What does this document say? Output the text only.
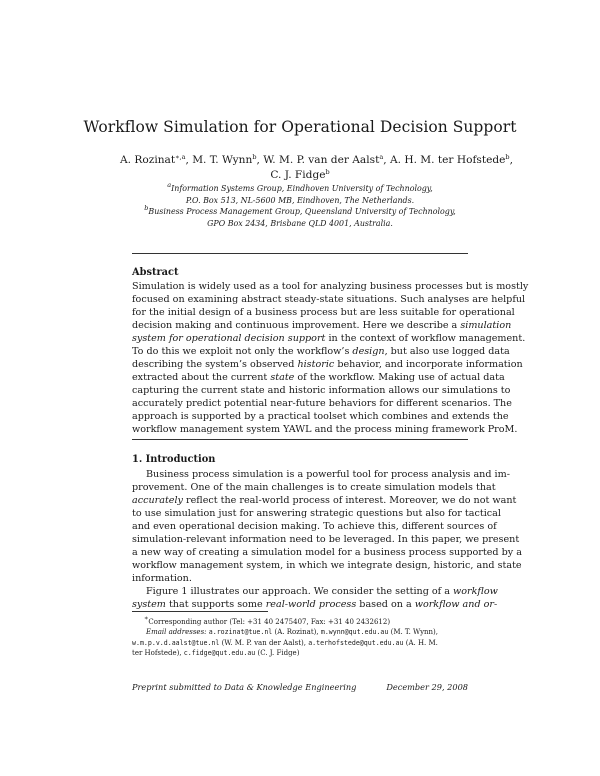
Workflow Simulation for Operational Decision Support
A. Rozinat$^{∗,a}$, M. T. Wynn$^b$, W. M. P. van der Aalst$^a$, A. H. M. ter Hofstede$^b$,
C. J. Fidge$^b$
$^a$Information Systems Group, Eindhoven University of Technology,
P.O. Box 513, NL-5600 MB, Eindhoven, The Netherlands.
$^b$Business Process Management Group, Queensland University of Technology,
GPO Box 2434, Brisbane QLD 4001, Australia.
Abstract
Simulation is widely used as a tool for analyzing business processes but is mostly
focused on examining abstract steady-state situations. Such analyses are helpful
for the initial design of a business process but are less suitable for operational
decision making and continuous improvement. Here we describe a simulation
system for operational decision support in the context of workflow management.
To do this we exploit not only the workflow’s design, but also use logged data
describing the system’s observed historic behavior, and incorporate information
extracted about the current state of the workflow. Making use of actual data
capturing the current state and historic information allows our simulations to
accurately predict potential near-future behaviors for different scenarios. The
approach is supported by a practical toolset which combines and extends the
workflow management system YAWL and the process mining framework ProM.
1. Introduction
Business process simulation is a powerful tool for process analysis and im-
provement. One of the main challenges is to create simulation models that
accurately reflect the real-world process of interest. Moreover, we do not want
to use simulation just for answering strategic questions but also for tactical
and even operational decision making. To achieve this, different sources of
simulation-relevant information need to be leveraged. In this paper, we present
a new way of creating a simulation model for a business process supported by a
workflow management system, in which we integrate design, historic, and state
information.
Figure 1 illustrates our approach. We consider the setting of a workflow
system that supports some real-world process based on a workflow and or-
∗Corresponding author (Tel: +31 40 2475407, Fax: +31 40 2432612)
Email addresses: a.rozinat@tue.nl (A. Rozinat), m.wynn@qut.edu.au (M. T. Wynn),
w.m.p.v.d.aalst@tue.nl (W. M. P. van der Aalst), a.terhofstede@qut.edu.au (A. H. M.
ter Hofstede), c.fidge@qut.edu.au (C. J. Fidge)
Preprint submitted to Data & Knowledge Engineering	December 29, 2008
